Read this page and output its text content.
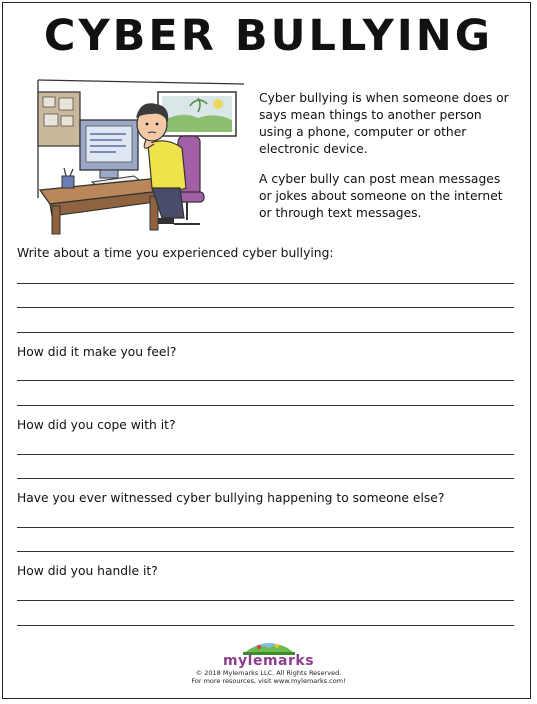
CYBER BULLYING

Cyber bullying is when someone does or says mean things to another person using a phone, computer or other electronic device.

A cyber bully can post mean messages or jokes about someone on the internet or through text messages.

Write about a time you experienced cyber bullying:
How did it make you feel?
How did you cope with it?
Have you ever witnessed cyber bullying happening to someone else?
How did you handle it?
mylemarks
© 2018 Mylemarks LLC. All Rights Reserved.
For more resources, visit www.mylemarks.com!
